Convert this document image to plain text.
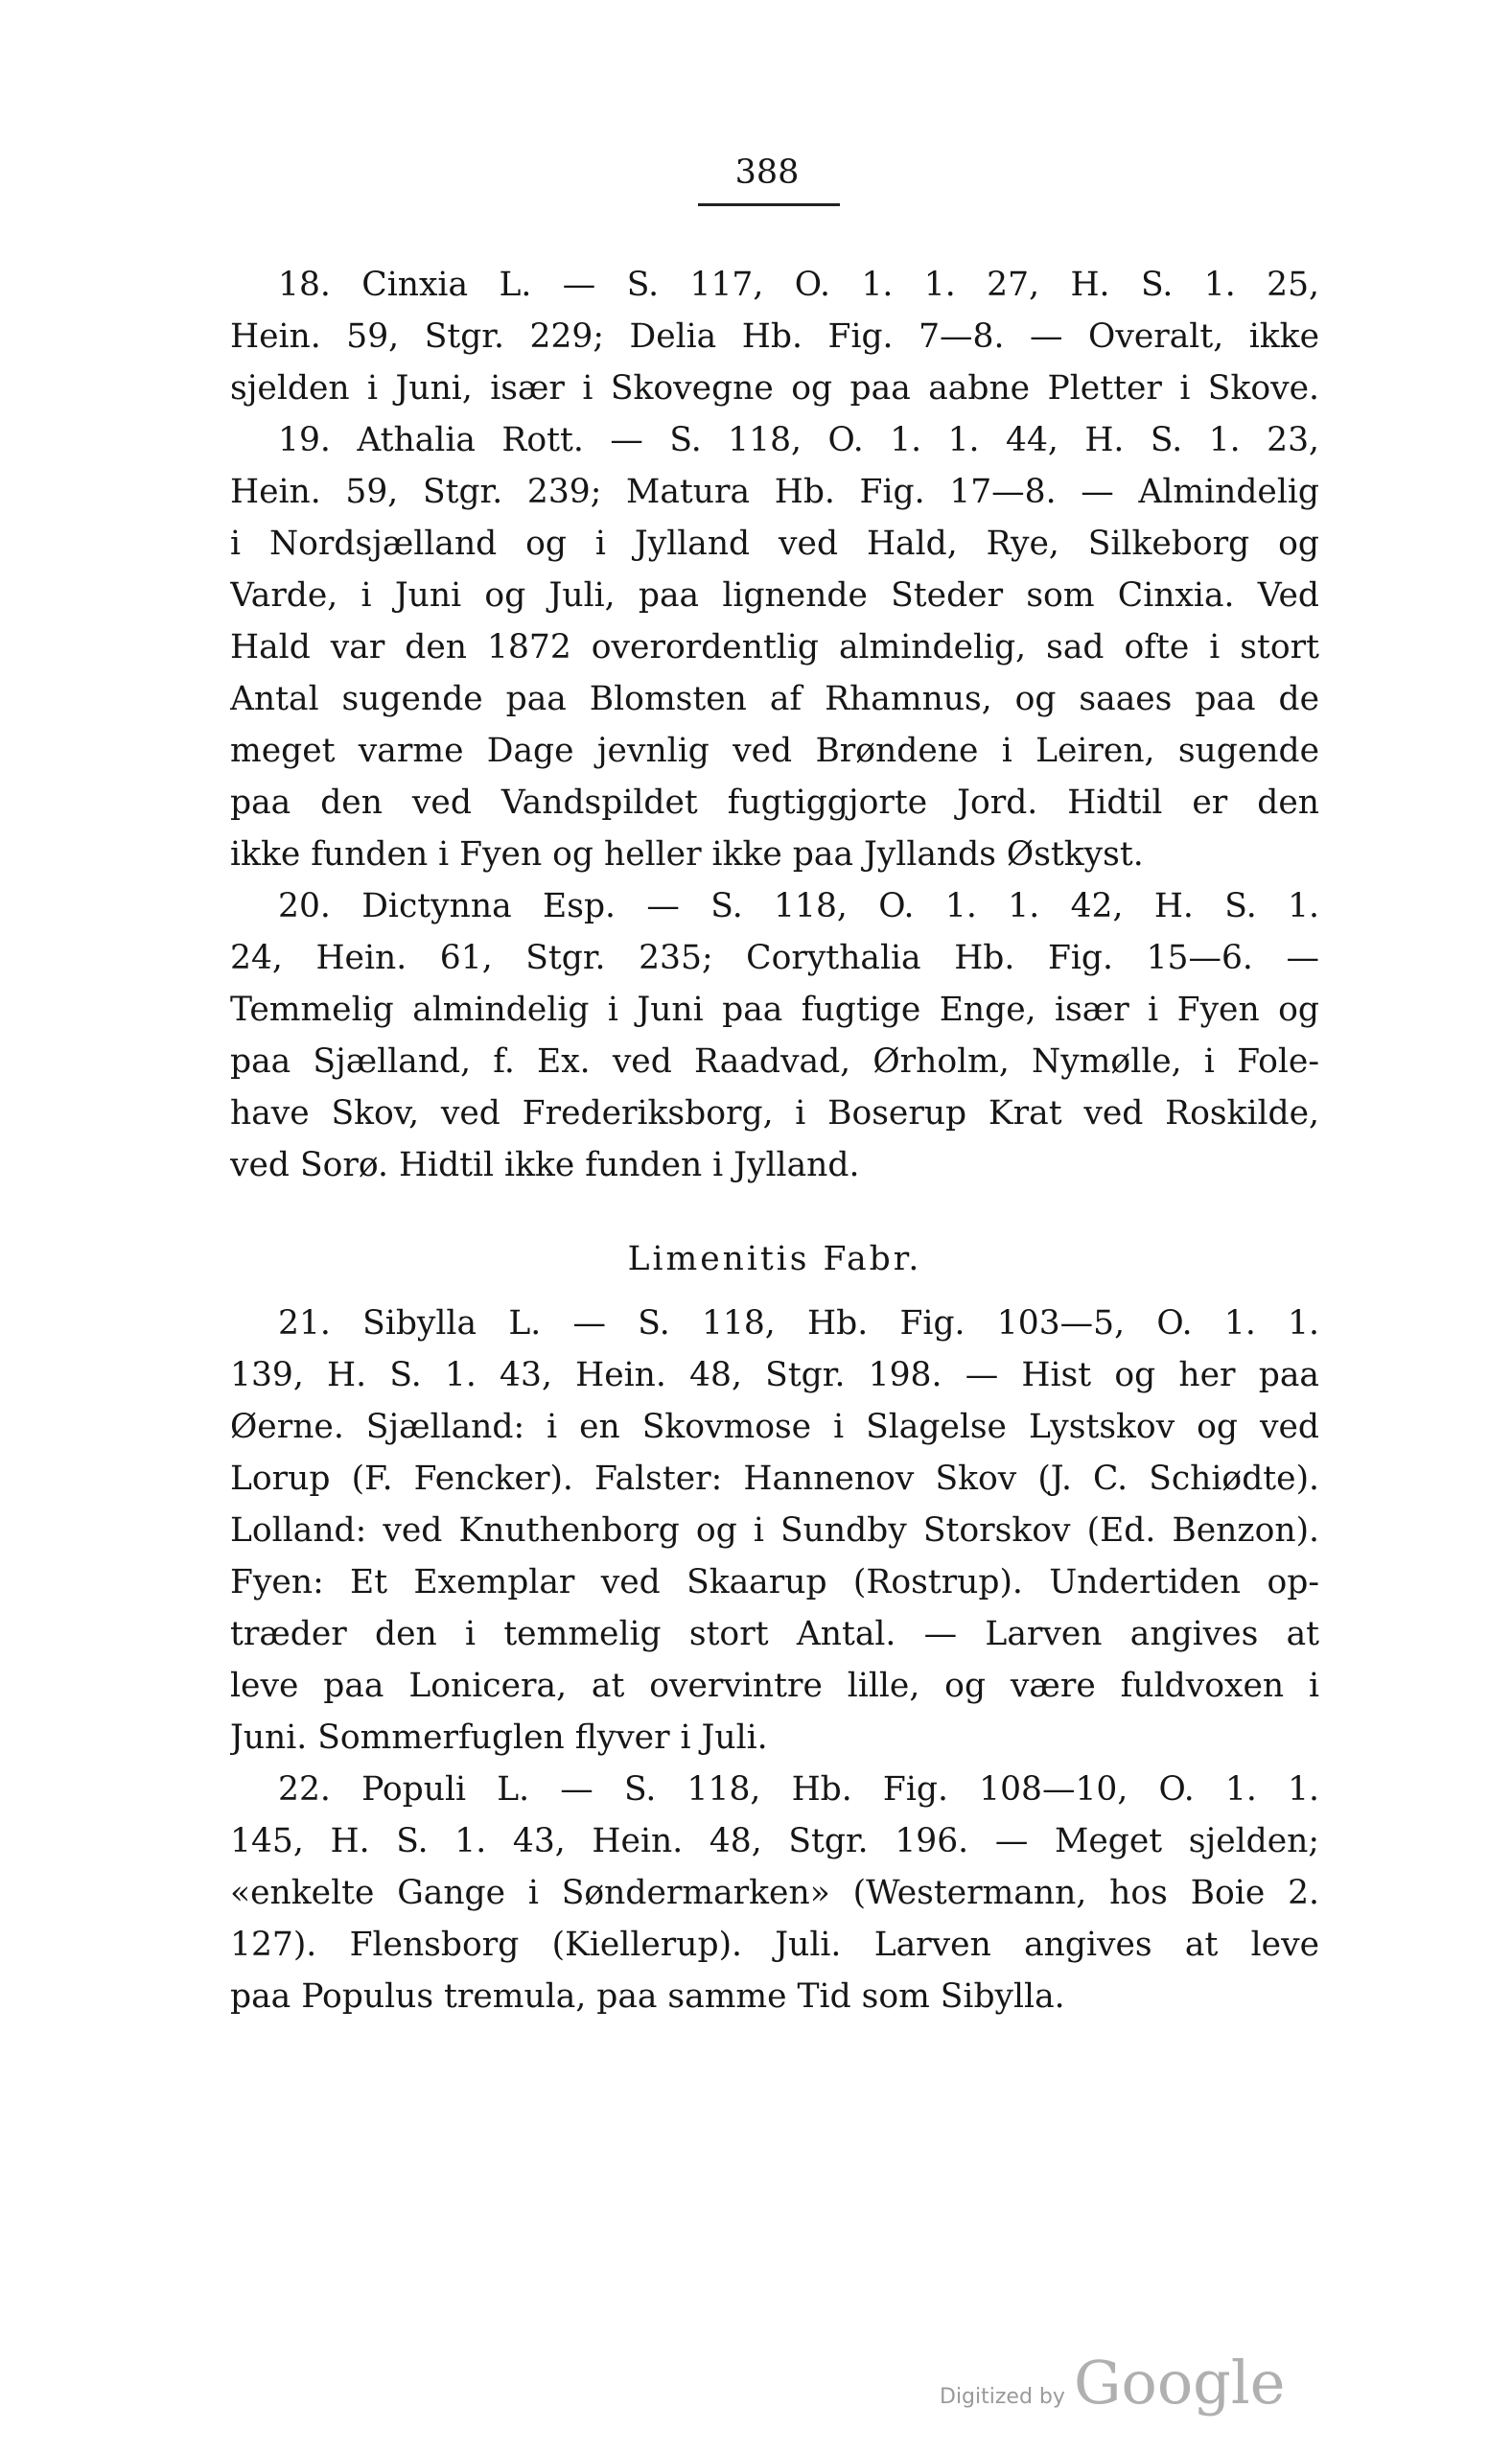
388
18. Cinxia L. — S. 117, O. 1. 1. 27, H. S. 1. 25,
Hein. 59, Stgr. 229; Delia Hb. Fig. 7—8. — Overalt, ikke
sjelden i Juni, især i Skovegne og paa aabne Pletter i Skove.
19. Athalia Rott. — S. 118, O. 1. 1. 44, H. S. 1. 23,
Hein. 59, Stgr. 239; Matura Hb. Fig. 17—8. — Almindelig
i Nordsjælland og i Jylland ved Hald, Rye, Silkeborg og
Varde, i Juni og Juli, paa lignende Steder som Cinxia. Ved
Hald var den 1872 overordentlig almindelig, sad ofte i stort
Antal sugende paa Blomsten af Rhamnus, og saaes paa de
meget varme Dage jevnlig ved Brøndene i Leiren, sugende
paa den ved Vandspildet fugtiggjorte Jord. Hidtil er den
ikke funden i Fyen og heller ikke paa Jyllands Østkyst.
20. Dictynna Esp. — S. 118, O. 1. 1. 42, H. S. 1.
24, Hein. 61, Stgr. 235; Corythalia Hb. Fig. 15—6. —
Temmelig almindelig i Juni paa fugtige Enge, især i Fyen og
paa Sjælland, f. Ex. ved Raadvad, Ørholm, Nymølle, i Fole-
have Skov, ved Frederiksborg, i Boserup Krat ved Roskilde,
ved Sorø. Hidtil ikke funden i Jylland.
Limenitis Fabr.
21. Sibylla L. — S. 118, Hb. Fig. 103—5, O. 1. 1.
139, H. S. 1. 43, Hein. 48, Stgr. 198. — Hist og her paa
Øerne. Sjælland: i en Skovmose i Slagelse Lystskov og ved
Lorup (F. Fencker). Falster: Hannenov Skov (J. C. Schiødte).
Lolland: ved Knuthenborg og i Sundby Storskov (Ed. Benzon).
Fyen: Et Exemplar ved Skaarup (Rostrup). Undertiden op-
træder den i temmelig stort Antal. — Larven angives at
leve paa Lonicera, at overvintre lille, og være fuldvoxen i
Juni. Sommerfuglen flyver i Juli.
22. Populi L. — S. 118, Hb. Fig. 108—10, O. 1. 1.
145, H. S. 1. 43, Hein. 48, Stgr. 196. — Meget sjelden;
«enkelte Gange i Søndermarken» (Westermann, hos Boie 2.
127). Flensborg (Kiellerup). Juli. Larven angives at leve
paa Populus tremula, paa samme Tid som Sibylla.
Digitized by Google
